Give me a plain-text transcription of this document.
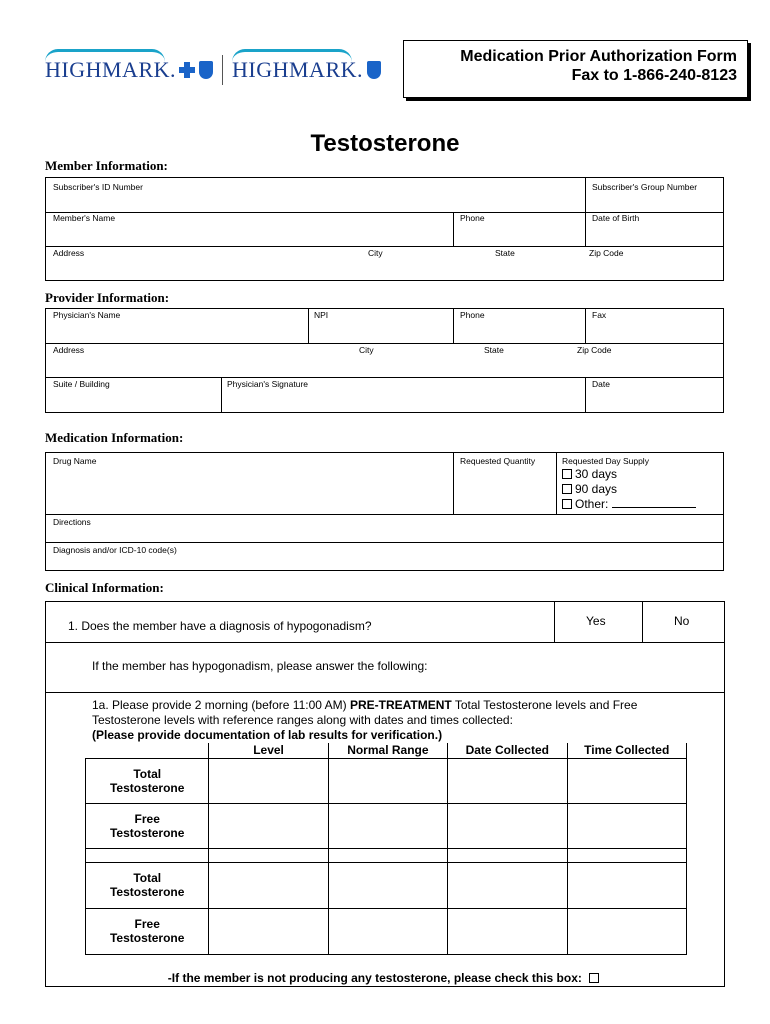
HIGHMARK.	HIGHMARK.
Medication Prior Authorization Form
Fax to 1-866-240-8123
Testosterone
Member Information:
Subscriber's ID Number	Subscriber's Group Number
Member's Name	Phone	Date of Birth
Address	City	State	Zip Code
Provider Information:
Physician's Name	NPI	Phone	Fax
Address	City	State	Zip Code
Suite / Building	Physician's Signature	Date
Medication Information:
Drug Name	Requested Quantity	Requested Day Supply
30 days
90 days
Other:
Directions
Diagnosis and/or ICD-10 code(s)
Clinical Information:
1. Does the member have a diagnosis of hypogonadism?	Yes	No
If the member has hypogonadism, please answer the following:
1a. Please provide 2 morning (before 11:00 AM) PRE-TREATMENT Total Testosterone levels and Free
Testosterone levels with reference ranges along with dates and times collected:
(Please provide documentation of lab results for verification.)
	Level	Normal Range	Date Collected	Time Collected
Total Testosterone				
Free Testosterone				

Total Testosterone				
Free Testosterone				
-If the member is not producing any testosterone, please check this box:
